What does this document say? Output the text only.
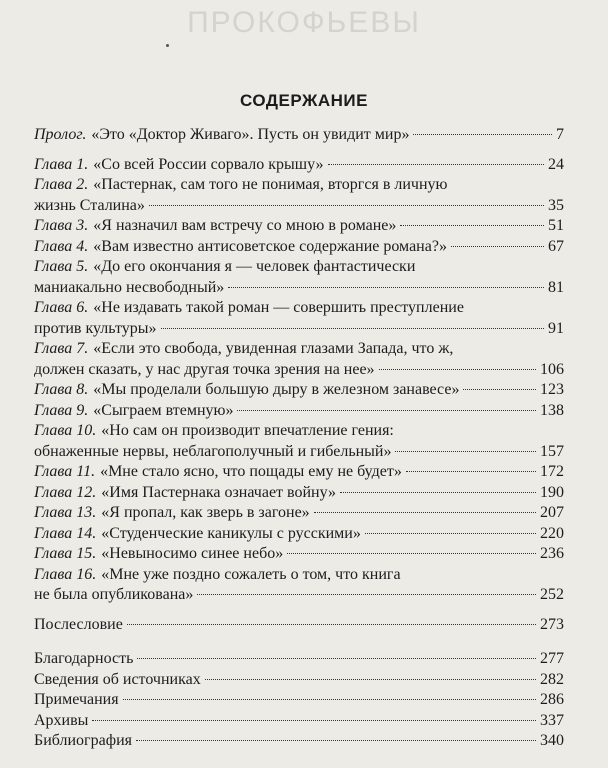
ПРОКОФЬЕВЫ
СОДЕРЖАНИЕ
Пролог. «Это «Доктор Живаго». Пусть он увидит мир»	7
Глава 1. «Со всей России сорвало крышу»	24
Глава 2. «Пастернак, сам того не понимая, вторгся в личную
жизнь Сталина»	35
Глава 3. «Я назначил вам встречу со мною в романе»	51
Глава 4. «Вам известно антисоветское содержание романа?»	67
Глава 5. «До его окончания я — человек фантастически
маниакально несвободный»	81
Глава 6. «Не издавать такой роман — совершить преступление
против культуры»	91
Глава 7. «Если это свобода, увиденная глазами Запада, что ж,
должен сказать, у нас другая точка зрения на нее»	106
Глава 8. «Мы проделали большую дыру в железном занавесе»	123
Глава 9. «Сыграем втемную»	138
Глава 10. «Но сам он производит впечатление гения:
обнаженные нервы, неблагополучный и гибельный»	157
Глава 11. «Мне стало ясно, что пощады ему не будет»	172
Глава 12. «Имя Пастернака означает войну»	190
Глава 13. «Я пропал, как зверь в загоне»	207
Глава 14. «Студенческие каникулы с русскими»	220
Глава 15. «Невыносимо синее небо»	236
Глава 16. «Мне уже поздно сожалеть о том, что книга
не была опубликована»	252
Послесловие	273
Благодарность	277
Сведения об источниках	282
Примечания	286
Архивы	337
Библиография	340
